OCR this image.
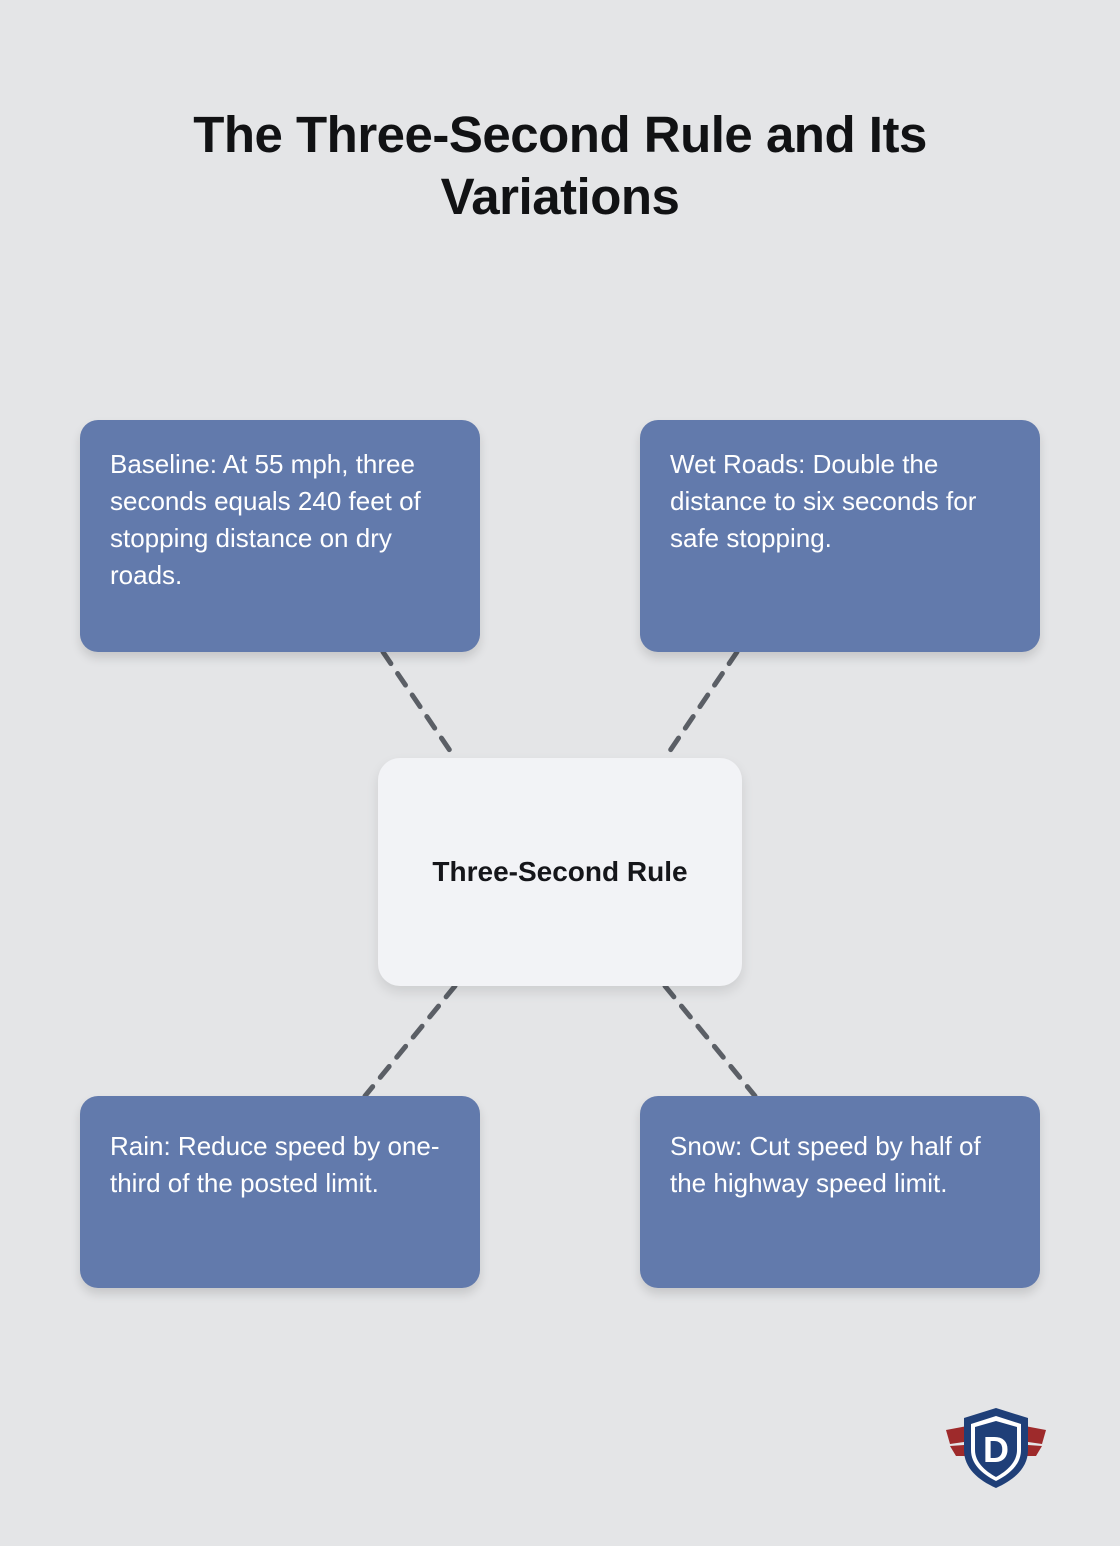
The Three-Second Rule and Its Variations
Baseline: At 55 mph, three seconds equals 240 feet of stopping distance on dry roads.
Wet Roads: Double the distance to six seconds for safe stopping.
Three-Second Rule
Rain: Reduce speed by one-third of the posted limit.
Snow: Cut speed by half of the highway speed limit.
D
